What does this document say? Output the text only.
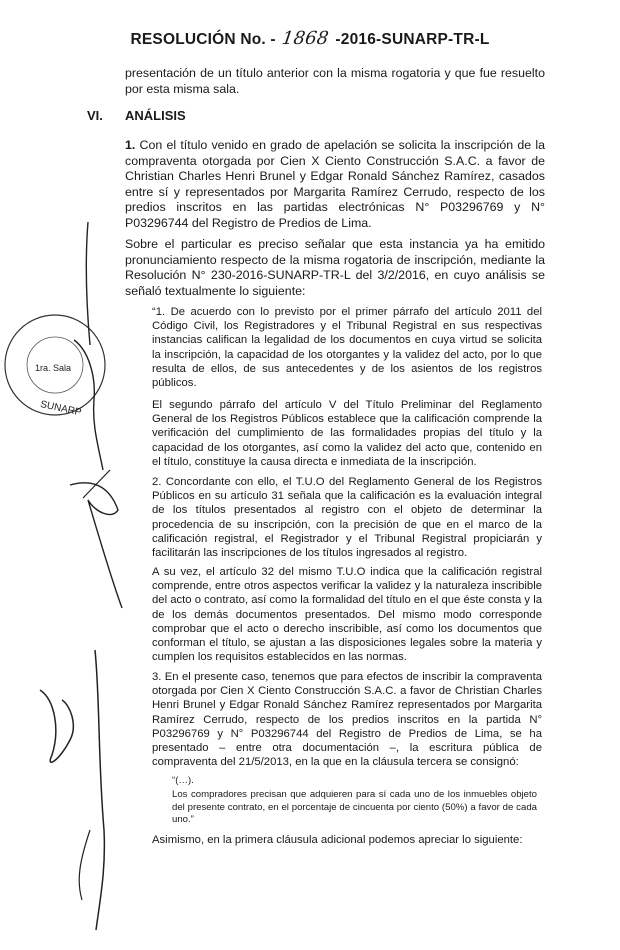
RESOLUCIÓN No. - 1868 -2016-SUNARP-TR-L

presentación de un título anterior con la misma rogatoria y que fue resuelto por esta misma sala.

VI. ANÁLISIS

1. Con el título venido en grado de apelación se solicita la inscripción de la compraventa otorgada por Cien X Ciento Construcción S.A.C. a favor de Christian Charles Henri Brunel y Edgar Ronald Sánchez Ramírez, casados entre sí y representados por Margarita Ramírez Cerrudo, respecto de los predios inscritos en las partidas electrónicas N° P03296769 y N° P03296744 del Registro de Predios de Lima.

Sobre el particular es preciso señalar que esta instancia ya ha emitido pronunciamiento respecto de la misma rogatoria de inscripción, mediante la Resolución N° 230-2016-SUNARP-TR-L del 3/2/2016, en cuyo análisis se señaló textualmente lo siguiente:

“1. De acuerdo con lo previsto por el primer párrafo del artículo 2011 del Código Civil, los Registradores y el Tribunal Registral en sus respectivas instancias califican la legalidad de los documentos en cuya virtud se solicita la inscripción, la capacidad de los otorgantes y la validez del acto, por lo que resulta de ellos, de sus antecedentes y de los asientos de los registros públicos.

El segundo párrafo del artículo V del Título Preliminar del Reglamento General de los Registros Públicos establece que la calificación comprende la verificación del cumplimiento de las formalidades propias del título y la capacidad de los otorgantes, así como la validez del acto que, contenido en el título, constituye la causa directa e inmediata de la inscripción.

2. Concordante con ello, el T.U.O del Reglamento General de los Registros Públicos en su artículo 31 señala que la calificación es la evaluación integral de los títulos presentados al registro con el objeto de determinar la procedencia de su inscripción, con la precisión de que en el marco de la calificación registral, el Registrador y el Tribunal Registral propiciarán y facilitarán las inscripciones de los títulos ingresados al registro.

A su vez, el artículo 32 del mismo T.U.O indica que la calificación registral comprende, entre otros aspectos verificar la validez y la naturaleza inscribible del acto o contrato, así como la formalidad del título en el que éste consta y la de los demás documentos presentados. Del mismo modo corresponde comprobar que el acto o derecho inscribible, así como los documentos que conforman el título, se ajustan a las disposiciones legales sobre la materia y cumplen los requisitos establecidos en las normas.

3. En el presente caso, tenemos que para efectos de inscribir la compraventa otorgada por Cien X Ciento Construcción S.A.C. a favor de Christian Charles Henri Brunel y Edgar Ronald Sánchez Ramírez representados por Margarita Ramírez Cerrudo, respecto de los predios inscritos en la partida N° P03296769 y N° P03296744 del Registro de Predios de Lima, se ha presentado – entre otra documentación –, la escritura pública de compraventa del 21/5/2013, en la que en la cláusula tercera se consignó:

“(…).

Los compradores precisan que adquieren para sí cada uno de los inmuebles objeto del presente contrato, en el porcentaje de cincuenta por ciento (50%) a favor de cada uno.”

Asimismo, en la primera cláusula adicional podemos apreciar lo siguiente:

1ra. Sala
SUNARP
